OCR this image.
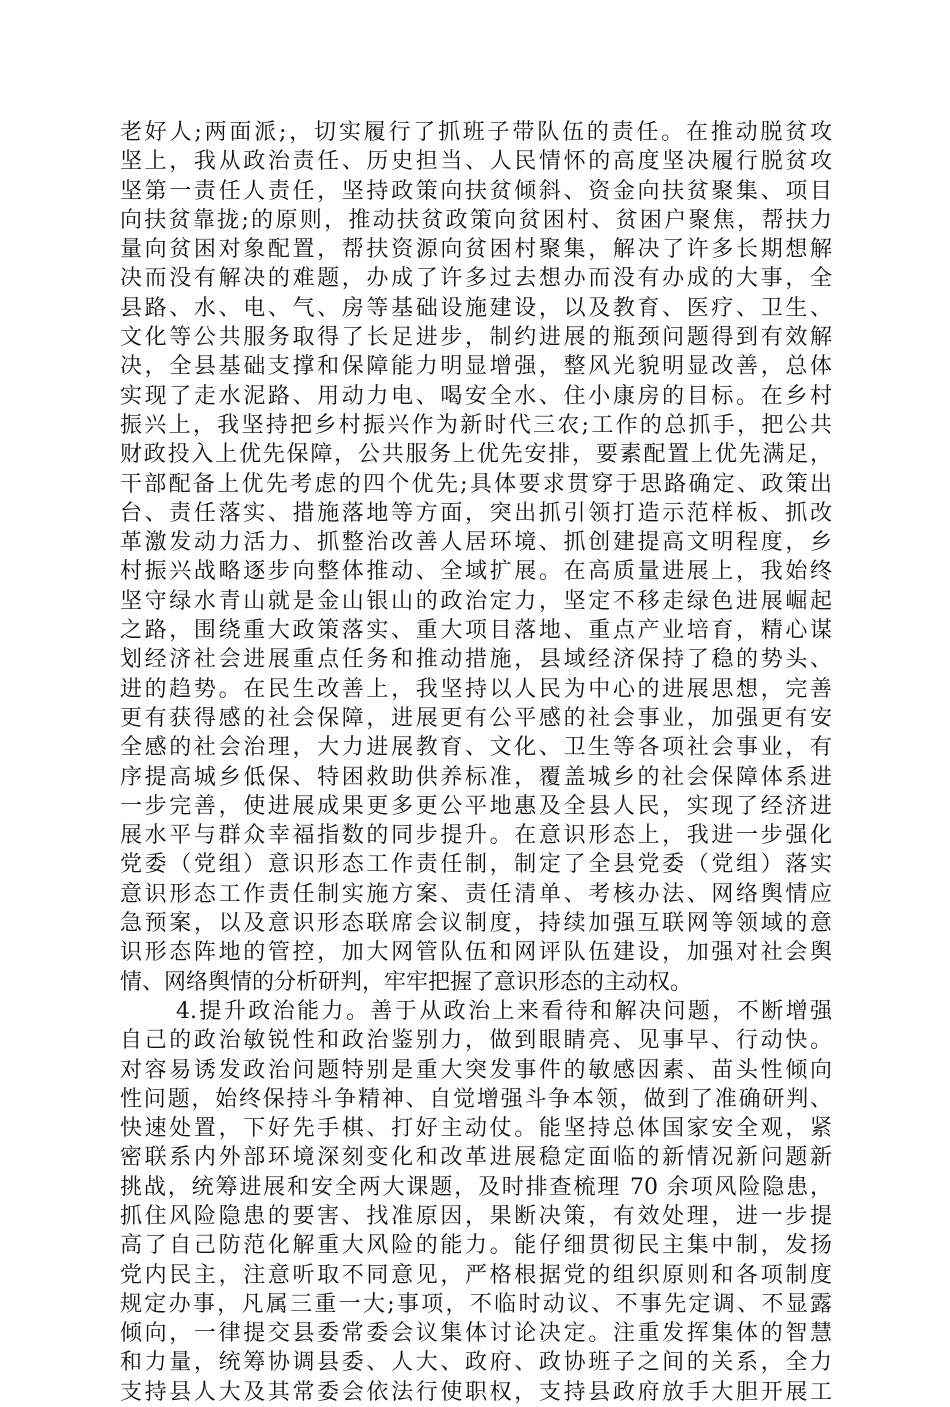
老好人;两面派;，切实履行了抓班子带队伍的责任。在推动脱贫攻
坚上，我从政治责任、历史担当、人民情怀的高度坚决履行脱贫攻
坚第一责任人责任，坚持政策向扶贫倾斜、资金向扶贫聚集、项目
向扶贫靠拢;的原则，推动扶贫政策向贫困村、贫困户聚焦，帮扶力
量向贫困对象配置，帮扶资源向贫困村聚集，解决了许多长期想解
决而没有解决的难题，办成了许多过去想办而没有办成的大事，全
县路、水、电、气、房等基础设施建设，以及教育、医疗、卫生、
文化等公共服务取得了长足进步，制约进展的瓶颈问题得到有效解
决，全县基础支撑和保障能力明显增强，整风光貌明显改善，总体
实现了走水泥路、用动力电、喝安全水、住小康房的目标。在乡村
振兴上，我坚持把乡村振兴作为新时代三农;工作的总抓手，把公共
财政投入上优先保障，公共服务上优先安排，要素配置上优先满足，
干部配备上优先考虑的四个优先;具体要求贯穿于思路确定、政策出
台、责任落实、措施落地等方面，突出抓引领打造示范样板、抓改
革激发动力活力、抓整治改善人居环境、抓创建提高文明程度，乡
村振兴战略逐步向整体推动、全域扩展。在高质量进展上，我始终
坚守绿水青山就是金山银山的政治定力，坚定不移走绿色进展崛起
之路，围绕重大政策落实、重大项目落地、重点产业培育，精心谋
划经济社会进展重点任务和推动措施，县域经济保持了稳的势头、
进的趋势。在民生改善上，我坚持以人民为中心的进展思想，完善
更有获得感的社会保障，进展更有公平感的社会事业，加强更有安
全感的社会治理，大力进展教育、文化、卫生等各项社会事业，有
序提高城乡低保、特困救助供养标准，覆盖城乡的社会保障体系进
一步完善，使进展成果更多更公平地惠及全县人民，实现了经济进
展水平与群众幸福指数的同步提升。在意识形态上，我进一步强化
党委（党组）意识形态工作责任制，制定了全县党委（党组）落实
意识形态工作责任制实施方案、责任清单、考核办法、网络舆情应
急预案，以及意识形态联席会议制度，持续加强互联网等领域的意
识形态阵地的管控，加大网管队伍和网评队伍建设，加强对社会舆
情、网络舆情的分析研判，牢牢把握了意识形态的主动权。
4.提升政治能力。善于从政治上来看待和解决问题，不断增强
自己的政治敏锐性和政治鉴别力，做到眼睛亮、见事早、行动快。
对容易诱发政治问题特别是重大突发事件的敏感因素、苗头性倾向
性问题，始终保持斗争精神、自觉增强斗争本领，做到了准确研判、
快速处置，下好先手棋、打好主动仗。能坚持总体国家安全观，紧
密联系内外部环境深刻变化和改革进展稳定面临的新情况新问题新
挑战，统筹进展和安全两大课题，及时排查梳理 70 余项风险隐患，
抓住风险隐患的要害、找准原因，果断决策，有效处理，进一步提
高了自己防范化解重大风险的能力。能仔细贯彻民主集中制，发扬
党内民主，注意听取不同意见，严格根据党的组织原则和各项制度
规定办事，凡属三重一大;事项，不临时动议、不事先定调、不显露
倾向，一律提交县委常委会议集体讨论决定。注重发挥集体的智慧
和力量，统筹协调县委、人大、政府、政协班子之间的关系，全力
支持县人大及其常委会依法行使职权，支持县政府放手大胆开展工
